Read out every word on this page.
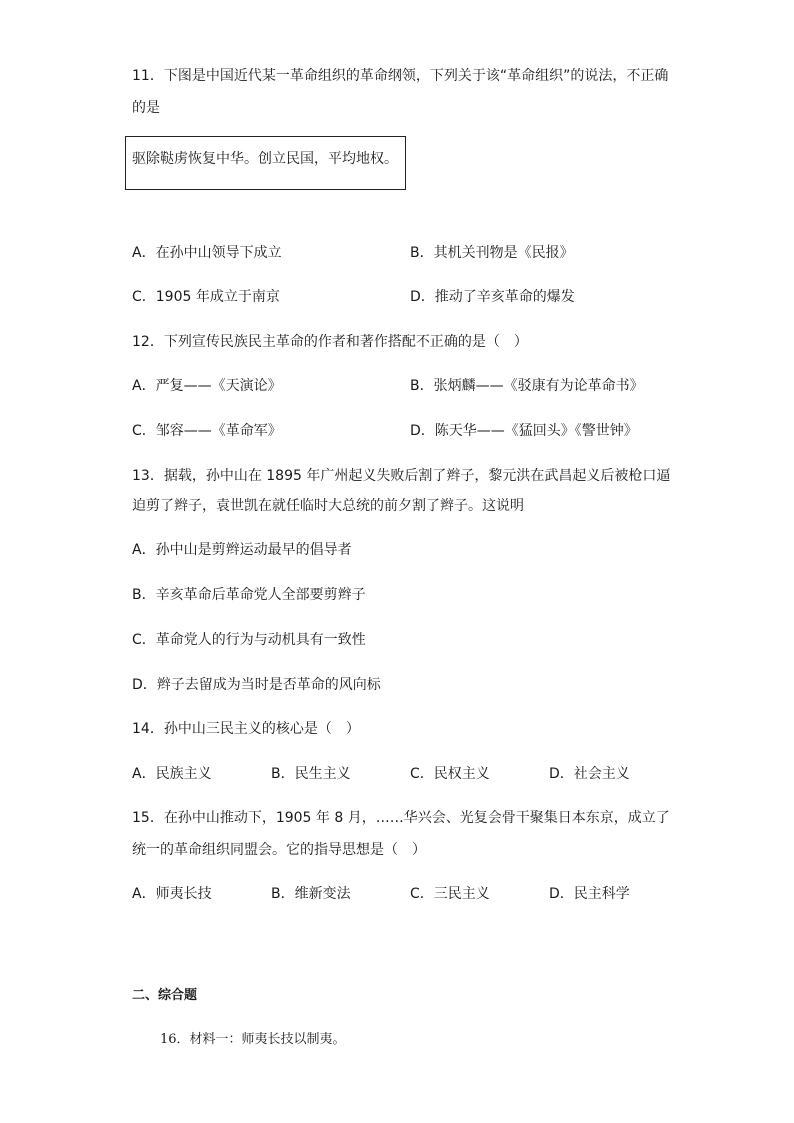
11．下图是中国近代某一革命组织的革命纲领，下列关于该“革命组织”的说法，不正确
的是
驱除鞑虏恢复中华。创立民国，平均地权。
A．在孙中山领导下成立	B．其机关刊物是《民报》
C．1905 年成立于南京	D．推动了辛亥革命的爆发
12．下列宣传民族民主革命的作者和著作搭配不正确的是（　）
A．严复——《天演论》	B．张炳麟——《驳康有为论革命书》
C．邹容——《革命军》	D．陈天华——《猛回头》《警世钟》
13．据载，孙中山在 1895 年广州起义失败后割了辫子，黎元洪在武昌起义后被枪口逼
迫剪了辫子，袁世凯在就任临时大总统的前夕割了辫子。这说明
A．孙中山是剪辫运动最早的倡导者
B．辛亥革命后革命党人全部要剪辫子
C．革命党人的行为与动机具有一致性
D．辫子去留成为当时是否革命的风向标
14．孙中山三民主义的核心是（　）
A．民族主义	B．民生主义	C．民权主义	D．社会主义
15．在孙中山推动下，1905 年 8 月，……华兴会、光复会骨干聚集日本东京，成立了
统一的革命组织同盟会。它的指导思想是（　）
A．师夷长技	B．维新变法	C．三民主义	D．民主科学
二、综合题
16．材料一：师夷长技以制夷。
